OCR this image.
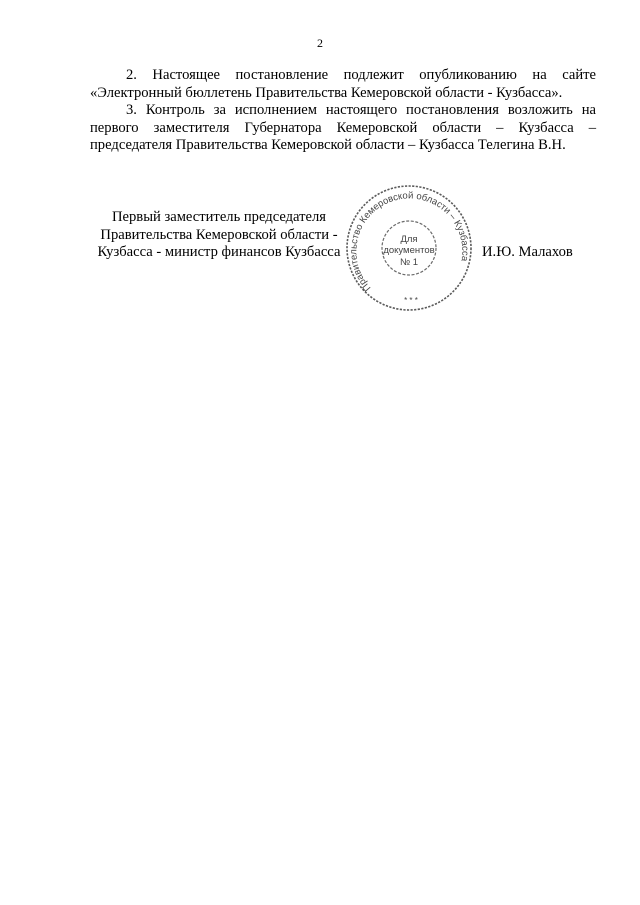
2

2. Настоящее постановление подлежит опубликованию на сайте «Электронный бюллетень Правительства Кемеровской области - Кузбасса».

3. Контроль за исполнением настоящего постановления возложить на первого заместителя Губернатора Кемеровской области – Кузбасса – председателя Правительства Кемеровской области – Кузбасса Телегина В.Н.

Первый заместитель председателя
Правительства Кемеровской области -
Кузбасса - министр финансов Кузбасса	И.Ю. Малахов
Правительство Кемеровской области – Кузбасса
Для
документов
№ 1
* * *
